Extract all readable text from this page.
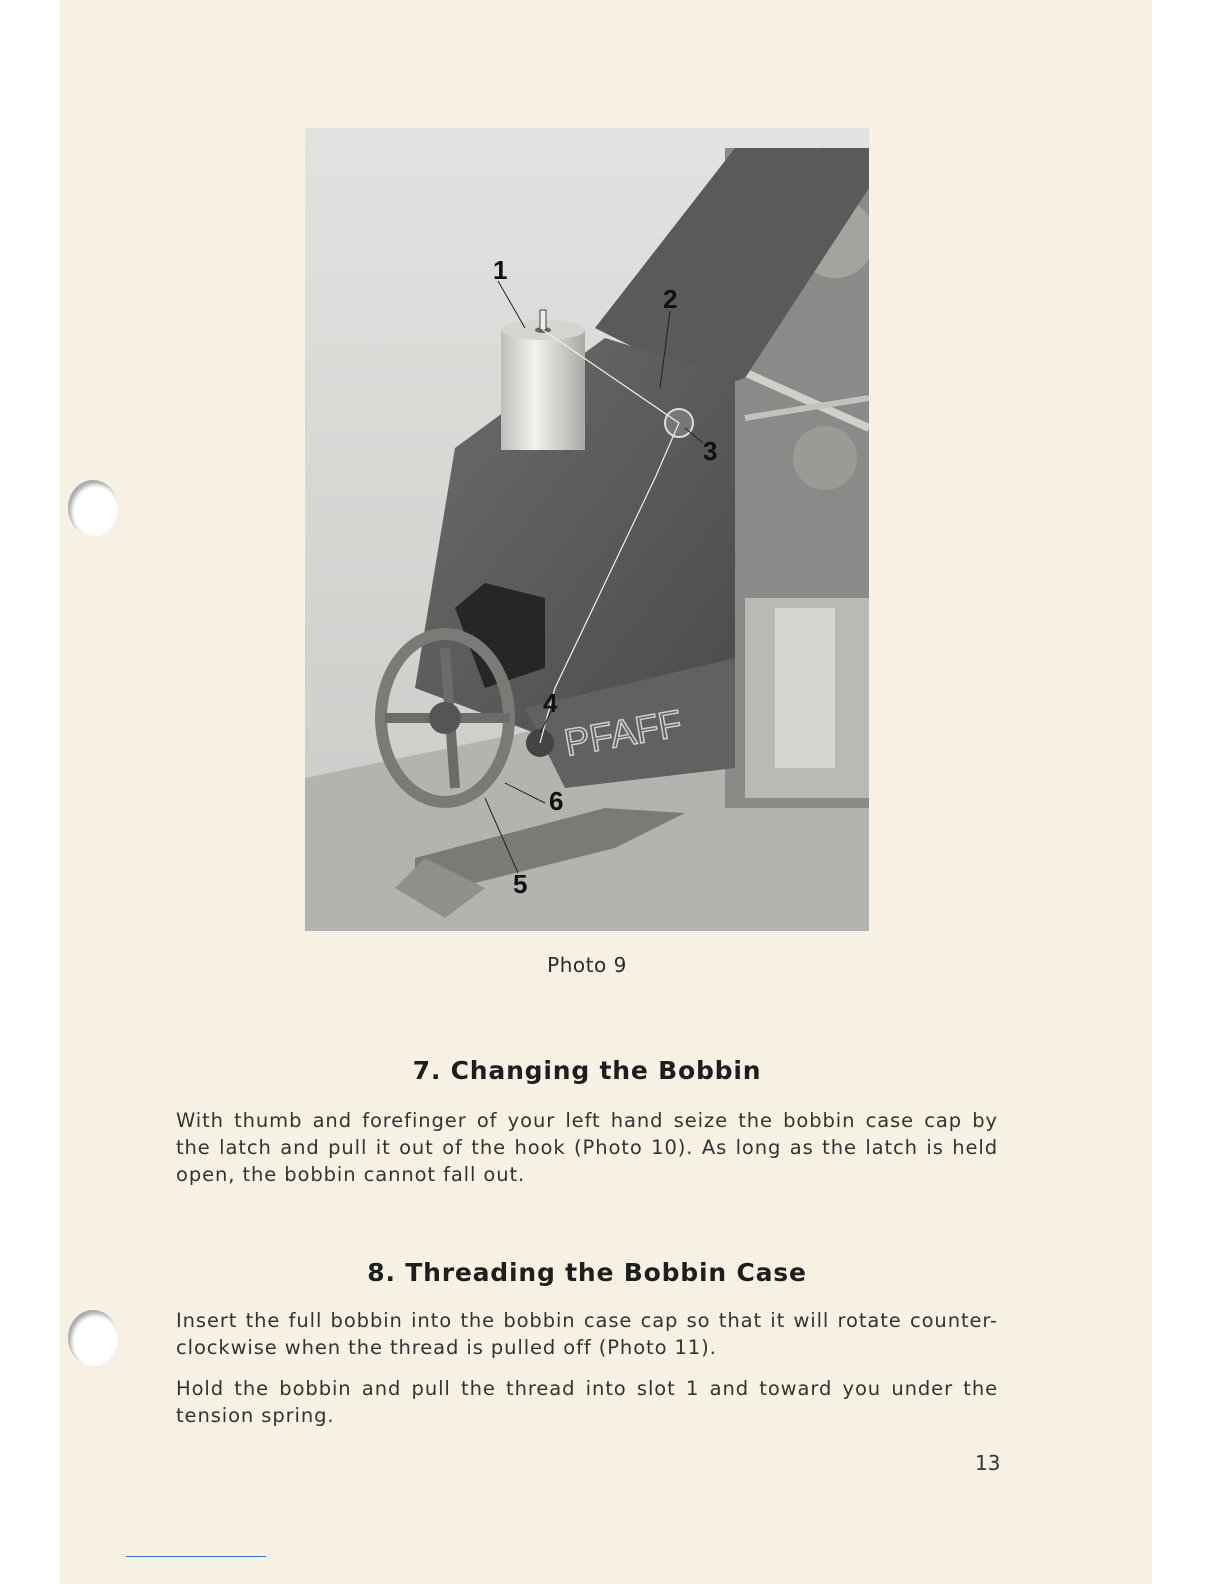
PFAFF
1
2
3
4
5
6
Photo 9
7. Changing the Bobbin

With thumb and forefinger of your left hand seize the bobbin case cap by the latch and pull it out of the hook (Photo 10). As long as the latch is held open, the bobbin cannot fall out.

8. Threading the Bobbin Case

Insert the full bobbin into the bobbin case cap so that it will rotate counter-clockwise when the thread is pulled off (Photo 11).

Hold the bobbin and pull the thread into slot 1 and toward you under the tension spring.

13
